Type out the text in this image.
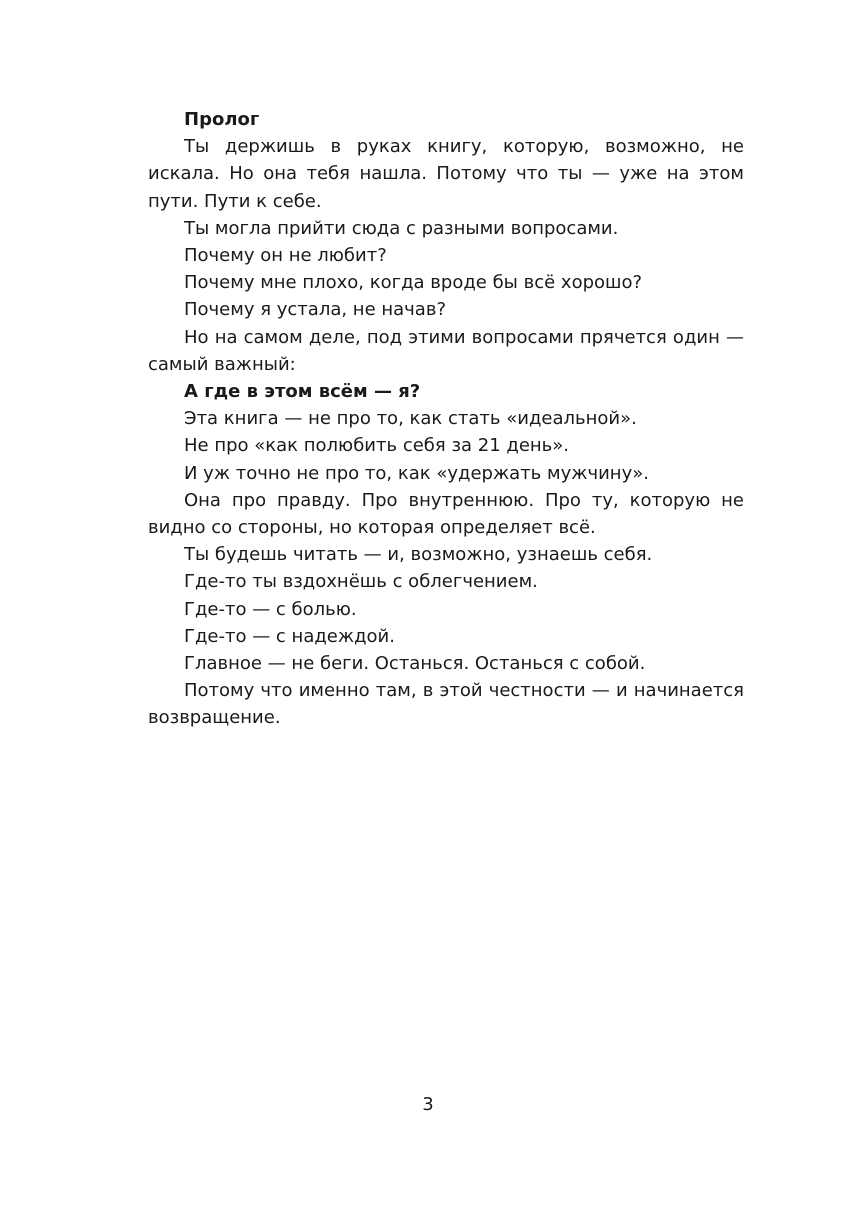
Пролог

Ты держишь в руках книгу, которую, возможно, не искала. Но она тебя нашла. Потому что ты — уже на этом пути. Пути к себе.

Ты могла прийти сюда с разными вопросами.

Почему он не любит?

Почему мне плохо, когда вроде бы всё хорошо?

Почему я устала, не начав?

Но на самом деле, под этими вопросами прячется один — самый важный:

А где в этом всём — я?

Эта книга — не про то, как стать «идеальной».

Не про «как полюбить себя за 21 день».

И уж точно не про то, как «удержать мужчину».

Она про правду. Про внутреннюю. Про ту, которую не видно со стороны, но которая определяет всё.

Ты будешь читать — и, возможно, узнаешь себя.

Где-то ты вздохнёшь с облегчением.

Где-то — с болью.

Где-то — с надеждой.

Главное — не беги. Останься. Останься с собой.

Потому что именно там, в этой честности — и начинается возвращение.

3
